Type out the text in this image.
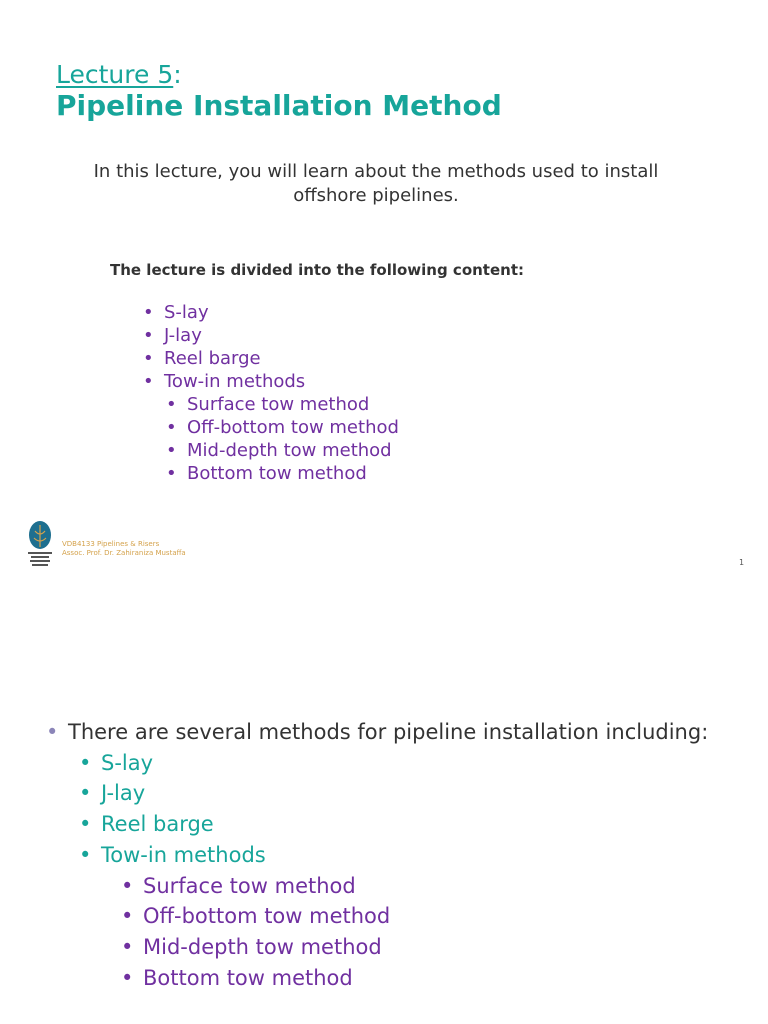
Lecture 5:
Pipeline Installation Method
In this lecture, you will learn about the methods used to install
offshore pipelines.
The lecture is divided into the following content:
• S-lay
• J-lay
• Reel barge
• Tow-in methods
• Surface tow method
• Off-bottom tow method
• Mid-depth tow method
• Bottom tow method
VDB4133 Pipelines & Risers
Assoc. Prof. Dr. Zahiraniza Mustaffa
1
• There are several methods for pipeline installation including:
• S-lay
• J-lay
• Reel barge
• Tow-in methods
• Surface tow method
• Off-bottom tow method
• Mid-depth tow method
• Bottom tow method
